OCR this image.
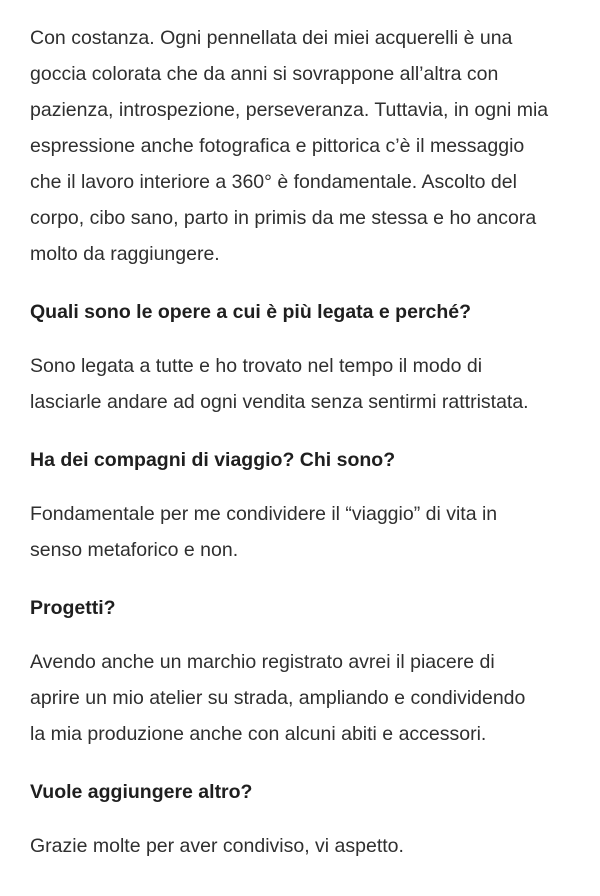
Con costanza. Ogni pennellata dei miei acquerelli è una
goccia colorata che da anni si sovrappone all’altra con
pazienza, introspezione, perseveranza. Tuttavia, in ogni mia
espressione anche fotografica e pittorica c’è il messaggio
che il lavoro interiore a 360° è fondamentale. Ascolto del
corpo, cibo sano, parto in primis da me stessa e ho ancora
molto da raggiungere.

Quali sono le opere a cui è più legata e perché?

Sono legata a tutte e ho trovato nel tempo il modo di
lasciarle andare ad ogni vendita senza sentirmi rattristata.

Ha dei compagni di viaggio? Chi sono?

Fondamentale per me condividere il “viaggio” di vita in
senso metaforico e non.

Progetti?

Avendo anche un marchio registrato avrei il piacere di
aprire un mio atelier su strada, ampliando e condividendo
la mia produzione anche con alcuni abiti e accessori.

Vuole aggiungere altro?

Grazie molte per aver condiviso, vi aspetto.
